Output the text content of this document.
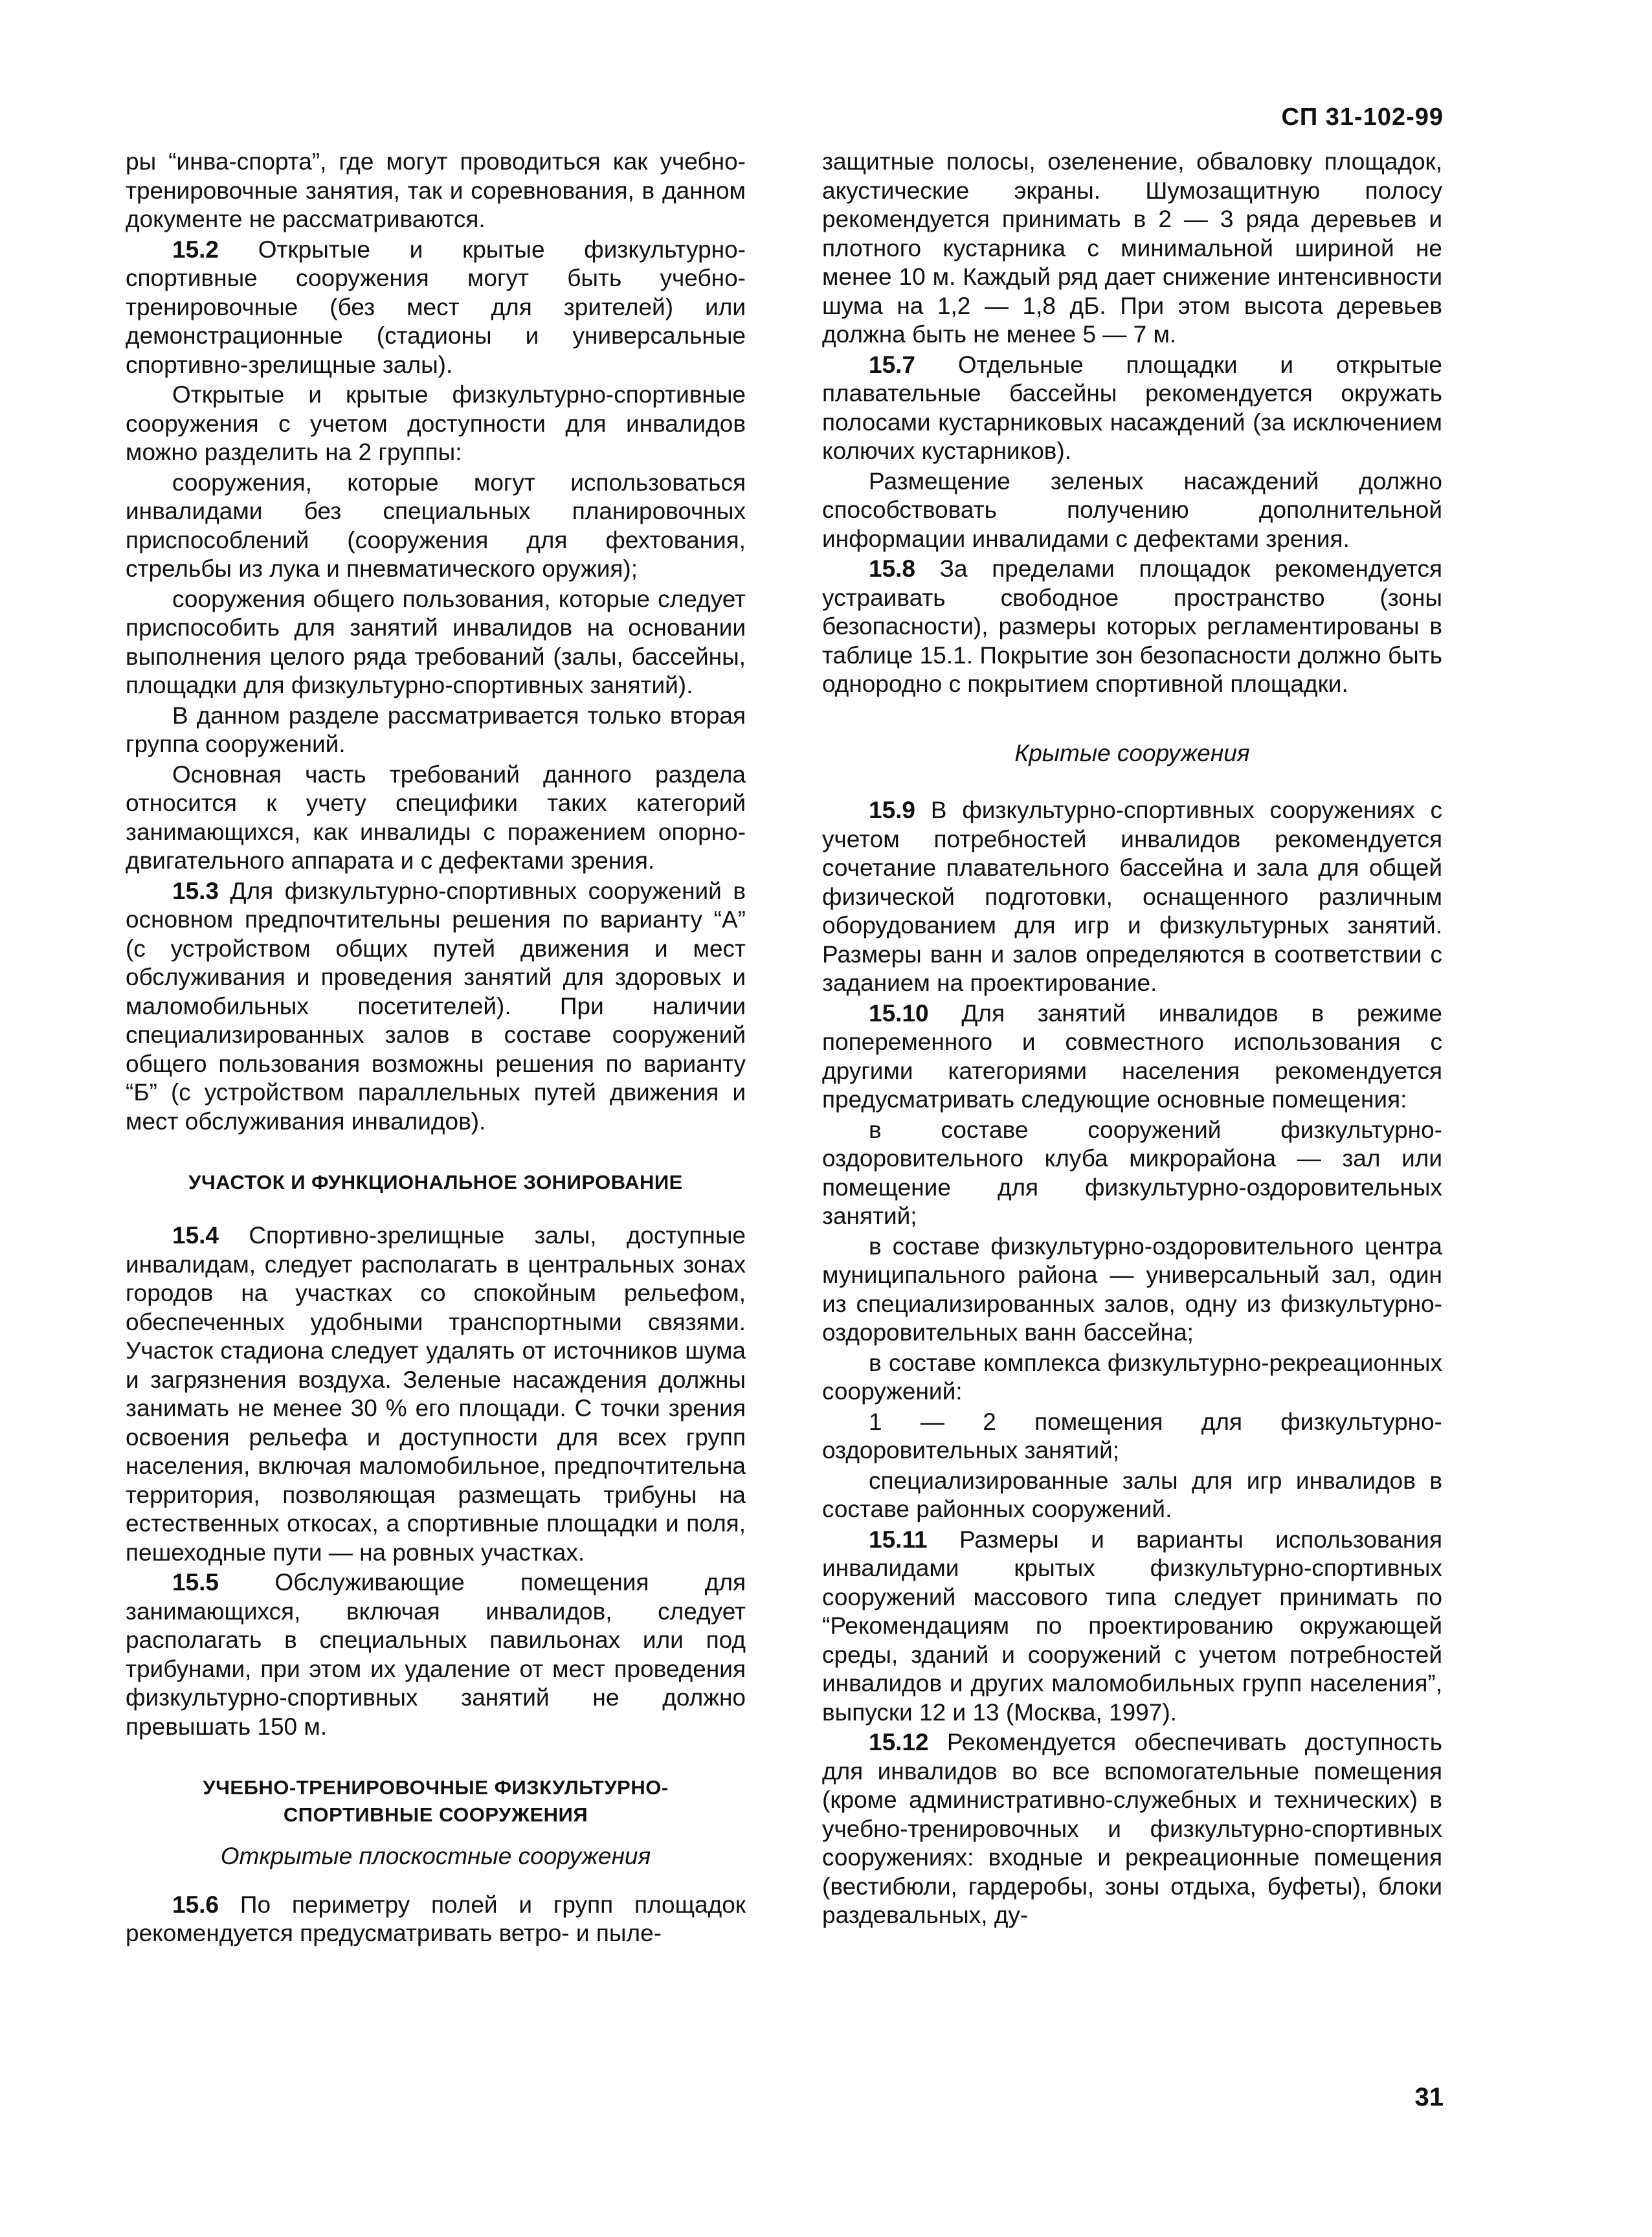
СП 31-102-99

ры “инва-спорта”, где могут проводиться как учебно-тренировочные занятия, так и соревнования, в данном документе не рассматриваются.

15.2 Открытые и крытые физкультурно-спортивные сооружения могут быть учебно-тренировочные (без мест для зрителей) или демонстрационные (стадионы и универсальные спортивно-зрелищные залы).

Открытые и крытые физкультурно-спортивные сооружения с учетом доступности для инвалидов можно разделить на 2 группы:

сооружения, которые могут использоваться инвалидами без специальных планировочных приспособлений (сооружения для фехтования, стрельбы из лука и пневматического оружия);

сооружения общего пользования, которые следует приспособить для занятий инвалидов на основании выполнения целого ряда требований (залы, бассейны, площадки для физкультурно-спортивных занятий).

В данном разделе рассматривается только вторая группа сооружений.

Основная часть требований данного раздела относится к учету специфики таких категорий занимающихся, как инвалиды с поражением опорно-двигательного аппарата и с дефектами зрения.

15.3 Для физкультурно-спортивных сооружений в основном предпочтительны решения по варианту “А” (с устройством общих путей движения и мест обслуживания и проведения занятий для здоровых и маломобильных посетителей). При наличии специализированных залов в составе сооружений общего пользования возможны решения по варианту “Б” (с устройством параллельных путей движения и мест обслуживания инвалидов).

УЧАСТОК И ФУНКЦИОНАЛЬНОЕ ЗОНИРОВАНИЕ

15.4 Спортивно-зрелищные залы, доступные инвалидам, следует располагать в центральных зонах городов на участках со спокойным рельефом, обеспеченных удобными транспортными связями. Участок стадиона следует удалять от источников шума и загрязнения воздуха. Зеленые насаждения должны занимать не менее 30 % его площади. С точки зрения освоения рельефа и доступности для всех групп населения, включая маломобильное, предпочтительна территория, позволяющая размещать трибуны на естественных откосах, а спортивные площадки и поля, пешеходные пути — на ровных участках.

15.5 Обслуживающие помещения для занимающихся, включая инвалидов, следует располагать в специальных павильонах или под трибунами, при этом их удаление от мест проведения физкультурно-спортивных занятий не должно превышать 150 м.

УЧЕБНО-ТРЕНИРОВОЧНЫЕ ФИЗКУЛЬТУРНО-

СПОРТИВНЫЕ СООРУЖЕНИЯ

Открытые плоскостные сооружения

15.6 По периметру полей и групп площадок рекомендуется предусматривать ветро- и пыле-

защитные полосы, озеленение, обваловку площадок, акустические экраны. Шумозащитную полосу рекомендуется принимать в 2 — 3 ряда деревьев и плотного кустарника с минимальной шириной не менее 10 м. Каждый ряд дает снижение интенсивности шума на 1,2 — 1,8 дБ. При этом высота деревьев должна быть не менее 5 — 7 м.

15.7 Отдельные площадки и открытые плавательные бассейны рекомендуется окружать полосами кустарниковых насаждений (за исключением колючих кустарников).

Размещение зеленых насаждений должно способствовать получению дополнительной информации инвалидами с дефектами зрения.

15.8 За пределами площадок рекомендуется устраивать свободное пространство (зоны безопасности), размеры которых регламентированы в таблице 15.1. Покрытие зон безопасности должно быть однородно с покрытием спортивной площадки.

Крытые сооружения

15.9 В физкультурно-спортивных сооружениях с учетом потребностей инвалидов рекомендуется сочетание плавательного бассейна и зала для общей физической подготовки, оснащенного различным оборудованием для игр и физкультурных занятий. Размеры ванн и залов определяются в соответствии с заданием на проектирование.

15.10 Для занятий инвалидов в режиме попеременного и совместного использования с другими категориями населения рекомендуется предусматривать следующие основные помещения:

в составе сооружений физкультурно-оздоровительного клуба микрорайона — зал или помещение для физкультурно-оздоровительных занятий;

в составе физкультурно-оздоровительного центра муниципального района — универсальный зал, один из специализированных залов, одну из физкультурно-оздоровительных ванн бассейна;

в составе комплекса физкультурно-рекреационных сооружений:

1 — 2 помещения для физкультурно-оздоровительных занятий;

специализированные залы для игр инвалидов в составе районных сооружений.

15.11 Размеры и варианты использования инвалидами крытых физкультурно-спортивных сооружений массового типа следует принимать по “Рекомендациям по проектированию окружающей среды, зданий и сооружений с учетом потребностей инвалидов и других маломобильных групп населения”, выпуски 12 и 13 (Москва, 1997).

15.12 Рекомендуется обеспечивать доступность для инвалидов во все вспомогательные помещения (кроме административно-служебных и технических) в учебно-тренировочных и физкультурно-спортивных сооружениях: входные и рекреационные помещения (вестибюли, гардеробы, зоны отдыха, буфеты), блоки раздевальных, ду-

31
